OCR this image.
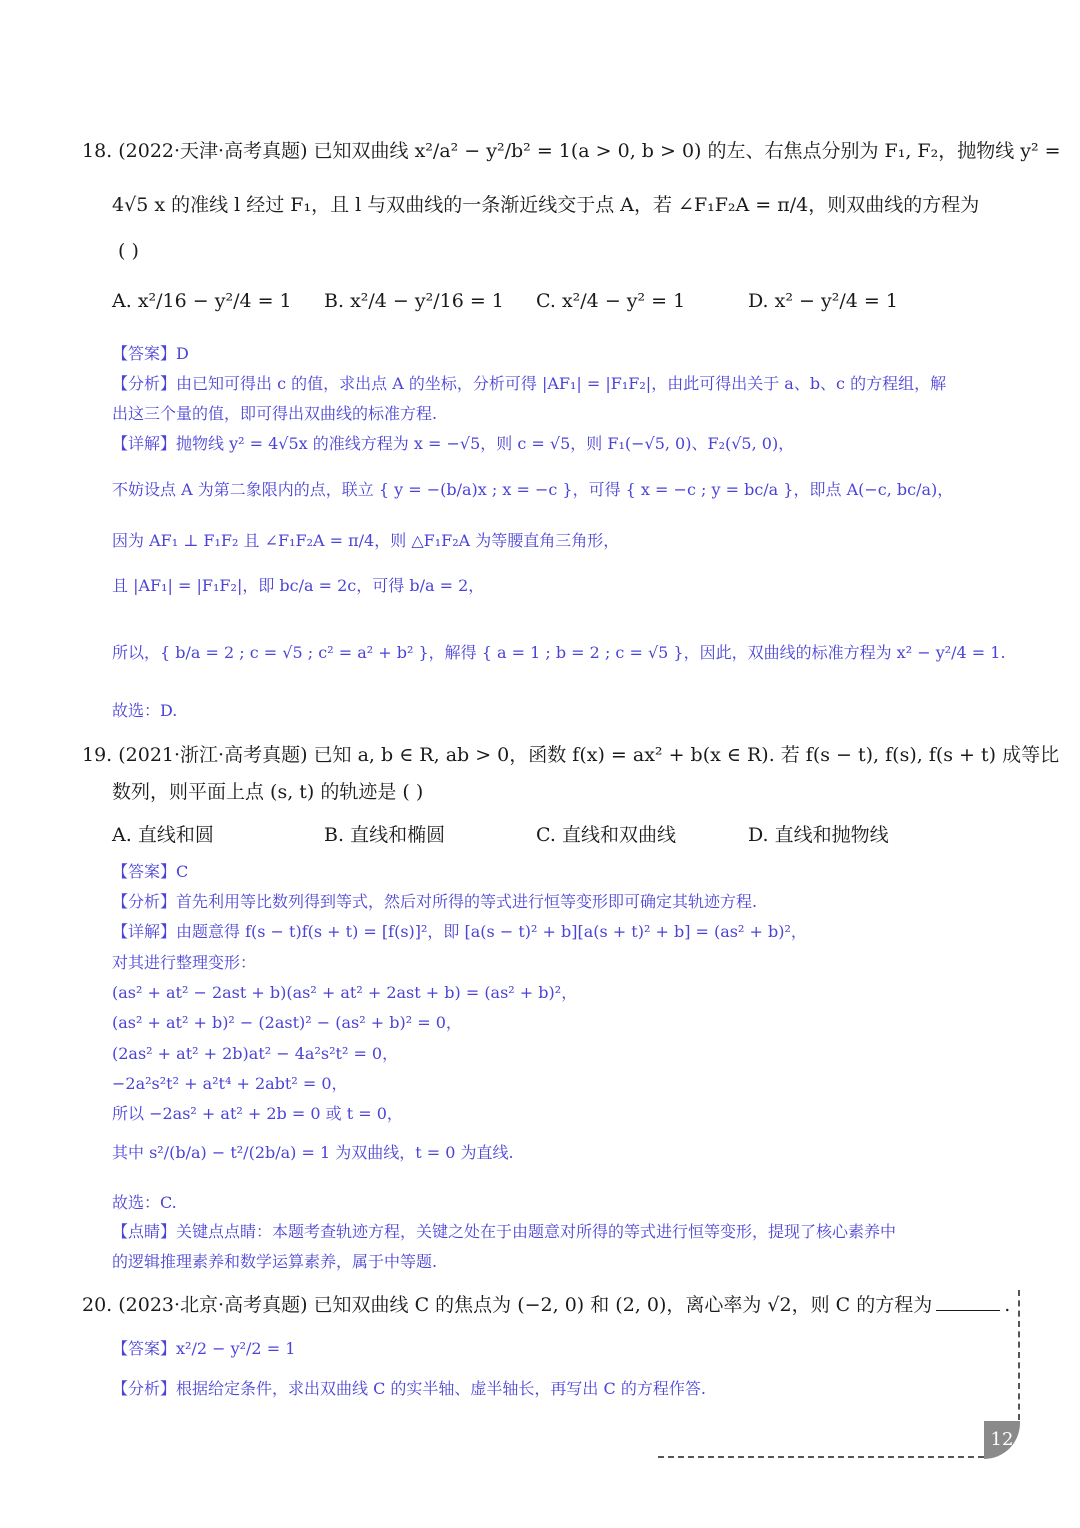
18. (2022·天津·高考真题) 已知双曲线 x²/a² − y²/b² = 1(a > 0, b > 0) 的左、右焦点分别为 F₁, F₂，抛物线 y² =
4√5 x 的准线 l 经过 F₁，且 l 与双曲线的一条渐近线交于点 A，若 ∠F₁F₂A = π/4，则双曲线的方程为
( )
A. x²/16 − y²/4 = 1 B. x²/4 − y²/16 = 1 C. x²/4 − y² = 1	D. x² − y²/4 = 1
【答案】D
【分析】由已知可得出 c 的值，求出点 A 的坐标，分析可得 |AF₁| = |F₁F₂|，由此可得出关于 a、b、c 的方程组，解
出这三个量的值，即可得出双曲线的标准方程.
【详解】抛物线 y² = 4√5x 的准线方程为 x = −√5，则 c = √5，则 F₁(−√5, 0)、F₂(√5, 0)，
不妨设点 A 为第二象限内的点，联立 { y = −(b/a)x ; x = −c }，可得 { x = −c ; y = bc/a }，即点 A(−c, bc/a)，
因为 AF₁ ⊥ F₁F₂ 且 ∠F₁F₂A = π/4，则 △F₁F₂A 为等腰直角三角形，
且 |AF₁| = |F₁F₂|，即 bc/a = 2c，可得 b/a = 2，
所以，{ b/a = 2 ; c = √5 ; c² = a² + b² }，解得 { a = 1 ; b = 2 ; c = √5 }，因此，双曲线的标准方程为 x² − y²/4 = 1.
故选：D.
19. (2021·浙江·高考真题) 已知 a, b ∈ R, ab > 0，函数 f(x) = ax² + b(x ∈ R). 若 f(s − t), f(s), f(s + t) 成等比
数列，则平面上点 (s, t) 的轨迹是 ( )
A. 直线和圆	B. 直线和椭圆	C. 直线和双曲线	D. 直线和抛物线
【答案】C
【分析】首先利用等比数列得到等式，然后对所得的等式进行恒等变形即可确定其轨迹方程.
【详解】由题意得 f(s − t)f(s + t) = [f(s)]²，即 [a(s − t)² + b][a(s + t)² + b] = (as² + b)²，
对其进行整理变形：
(as² + at² − 2ast + b)(as² + at² + 2ast + b) = (as² + b)²，
(as² + at² + b)² − (2ast)² − (as² + b)² = 0，
(2as² + at² + 2b)at² − 4a²s²t² = 0，
−2a²s²t² + a²t⁴ + 2abt² = 0，
所以 −2as² + at² + 2b = 0 或 t = 0，
其中 s²/(b/a) − t²/(2b/a) = 1 为双曲线，t = 0 为直线.
故选：C.
【点睛】关键点点睛：本题考查轨迹方程，关键之处在于由题意对所得的等式进行恒等变形，提现了核心素养中
的逻辑推理素养和数学运算素养，属于中等题.
20. (2023·北京·高考真题) 已知双曲线 C 的焦点为 (−2, 0) 和 (2, 0)，离心率为 √2，则 C 的方程为	.
【答案】x²/2 − y²/2 = 1
【分析】根据给定条件，求出双曲线 C 的实半轴、虚半轴长，再写出 C 的方程作答.
12
